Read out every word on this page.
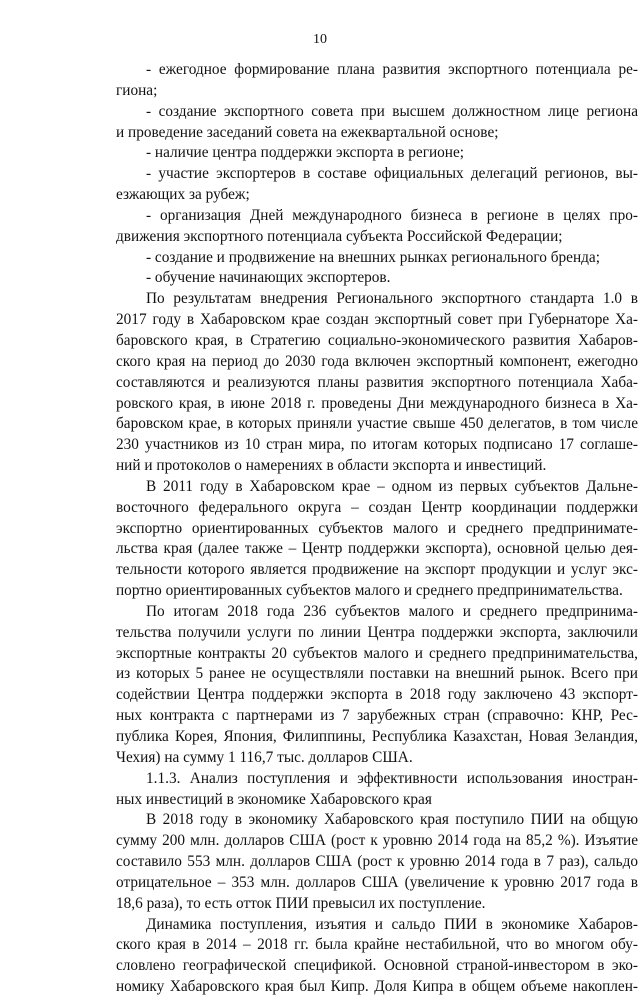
10
- ежегодное формирование плана развития экспортного потенциала ре-
гиона;
- создание экспортного совета при высшем должностном лице региона
и проведение заседаний совета на ежеквартальной основе;
- наличие центра поддержки экспорта в регионе;
- участие экспортеров в составе официальных делегаций регионов, вы-
езжающих за рубеж;
- организация Дней международного бизнеса в регионе в целях про-
движения экспортного потенциала субъекта Российской Федерации;
- создание и продвижение на внешних рынках регионального бренда;
- обучение начинающих экспортеров.
По результатам внедрения Регионального экспортного стандарта 1.0 в
2017 году в Хабаровском крае создан экспортный совет при Губернаторе Ха-
баровского края, в Стратегию социально-экономического развития Хабаров-
ского края на период до 2030 года включен экспортный компонент, ежегодно
составляются и реализуются планы развития экспортного потенциала Хаба-
ровского края, в июне 2018 г. проведены Дни международного бизнеса в Ха-
баровском крае, в которых приняли участие свыше 450 делегатов, в том числе
230 участников из 10 стран мира, по итогам которых подписано 17 соглаше-
ний и протоколов о намерениях в области экспорта и инвестиций.
В 2011 году в Хабаровском крае – одном из первых субъектов Дальне-
восточного федерального округа – создан Центр координации поддержки
экспортно ориентированных субъектов малого и среднего предпринимате-
льства края (далее также – Центр поддержки экспорта), основной целью дея-
тельности которого является продвижение на экспорт продукции и услуг экс-
портно ориентированных субъектов малого и среднего предпринимательства.
По итогам 2018 года 236 субъектов малого и среднего предпринима-
тельства получили услуги по линии Центра поддержки экспорта, заключили
экспортные контракты 20 субъектов малого и среднего предпринимательства,
из которых 5 ранее не осуществляли поставки на внешний рынок. Всего при
содействии Центра поддержки экспорта в 2018 году заключено 43 экспорт-
ных контракта с партнерами из 7 зарубежных стран (справочно: КНР, Рес-
публика Корея, Япония, Филиппины, Республика Казахстан, Новая Зеландия,
Чехия) на сумму 1 116,7 тыс. долларов США.
1.1.3. Анализ поступления и эффективности использования иностран-
ных инвестиций в экономике Хабаровского края
В 2018 году в экономику Хабаровского края поступило ПИИ на общую
сумму 200 млн. долларов США (рост к уровню 2014 года на 85,2 %). Изъятие
составило 553 млн. долларов США (рост к уровню 2014 года в 7 раз), сальдо
отрицательное – 353 млн. долларов США (увеличение к уровню 2017 года в
18,6 раза), то есть отток ПИИ превысил их поступление.
Динамика поступления, изъятия и сальдо ПИИ в экономике Хабаров-
ского края в 2014 – 2018 гг. была крайне нестабильной, что во многом обу-
словлено географической спецификой. Основной страной-инвестором в эко-
номику Хабаровского края был Кипр. Доля Кипра в общем объеме накоплен-
